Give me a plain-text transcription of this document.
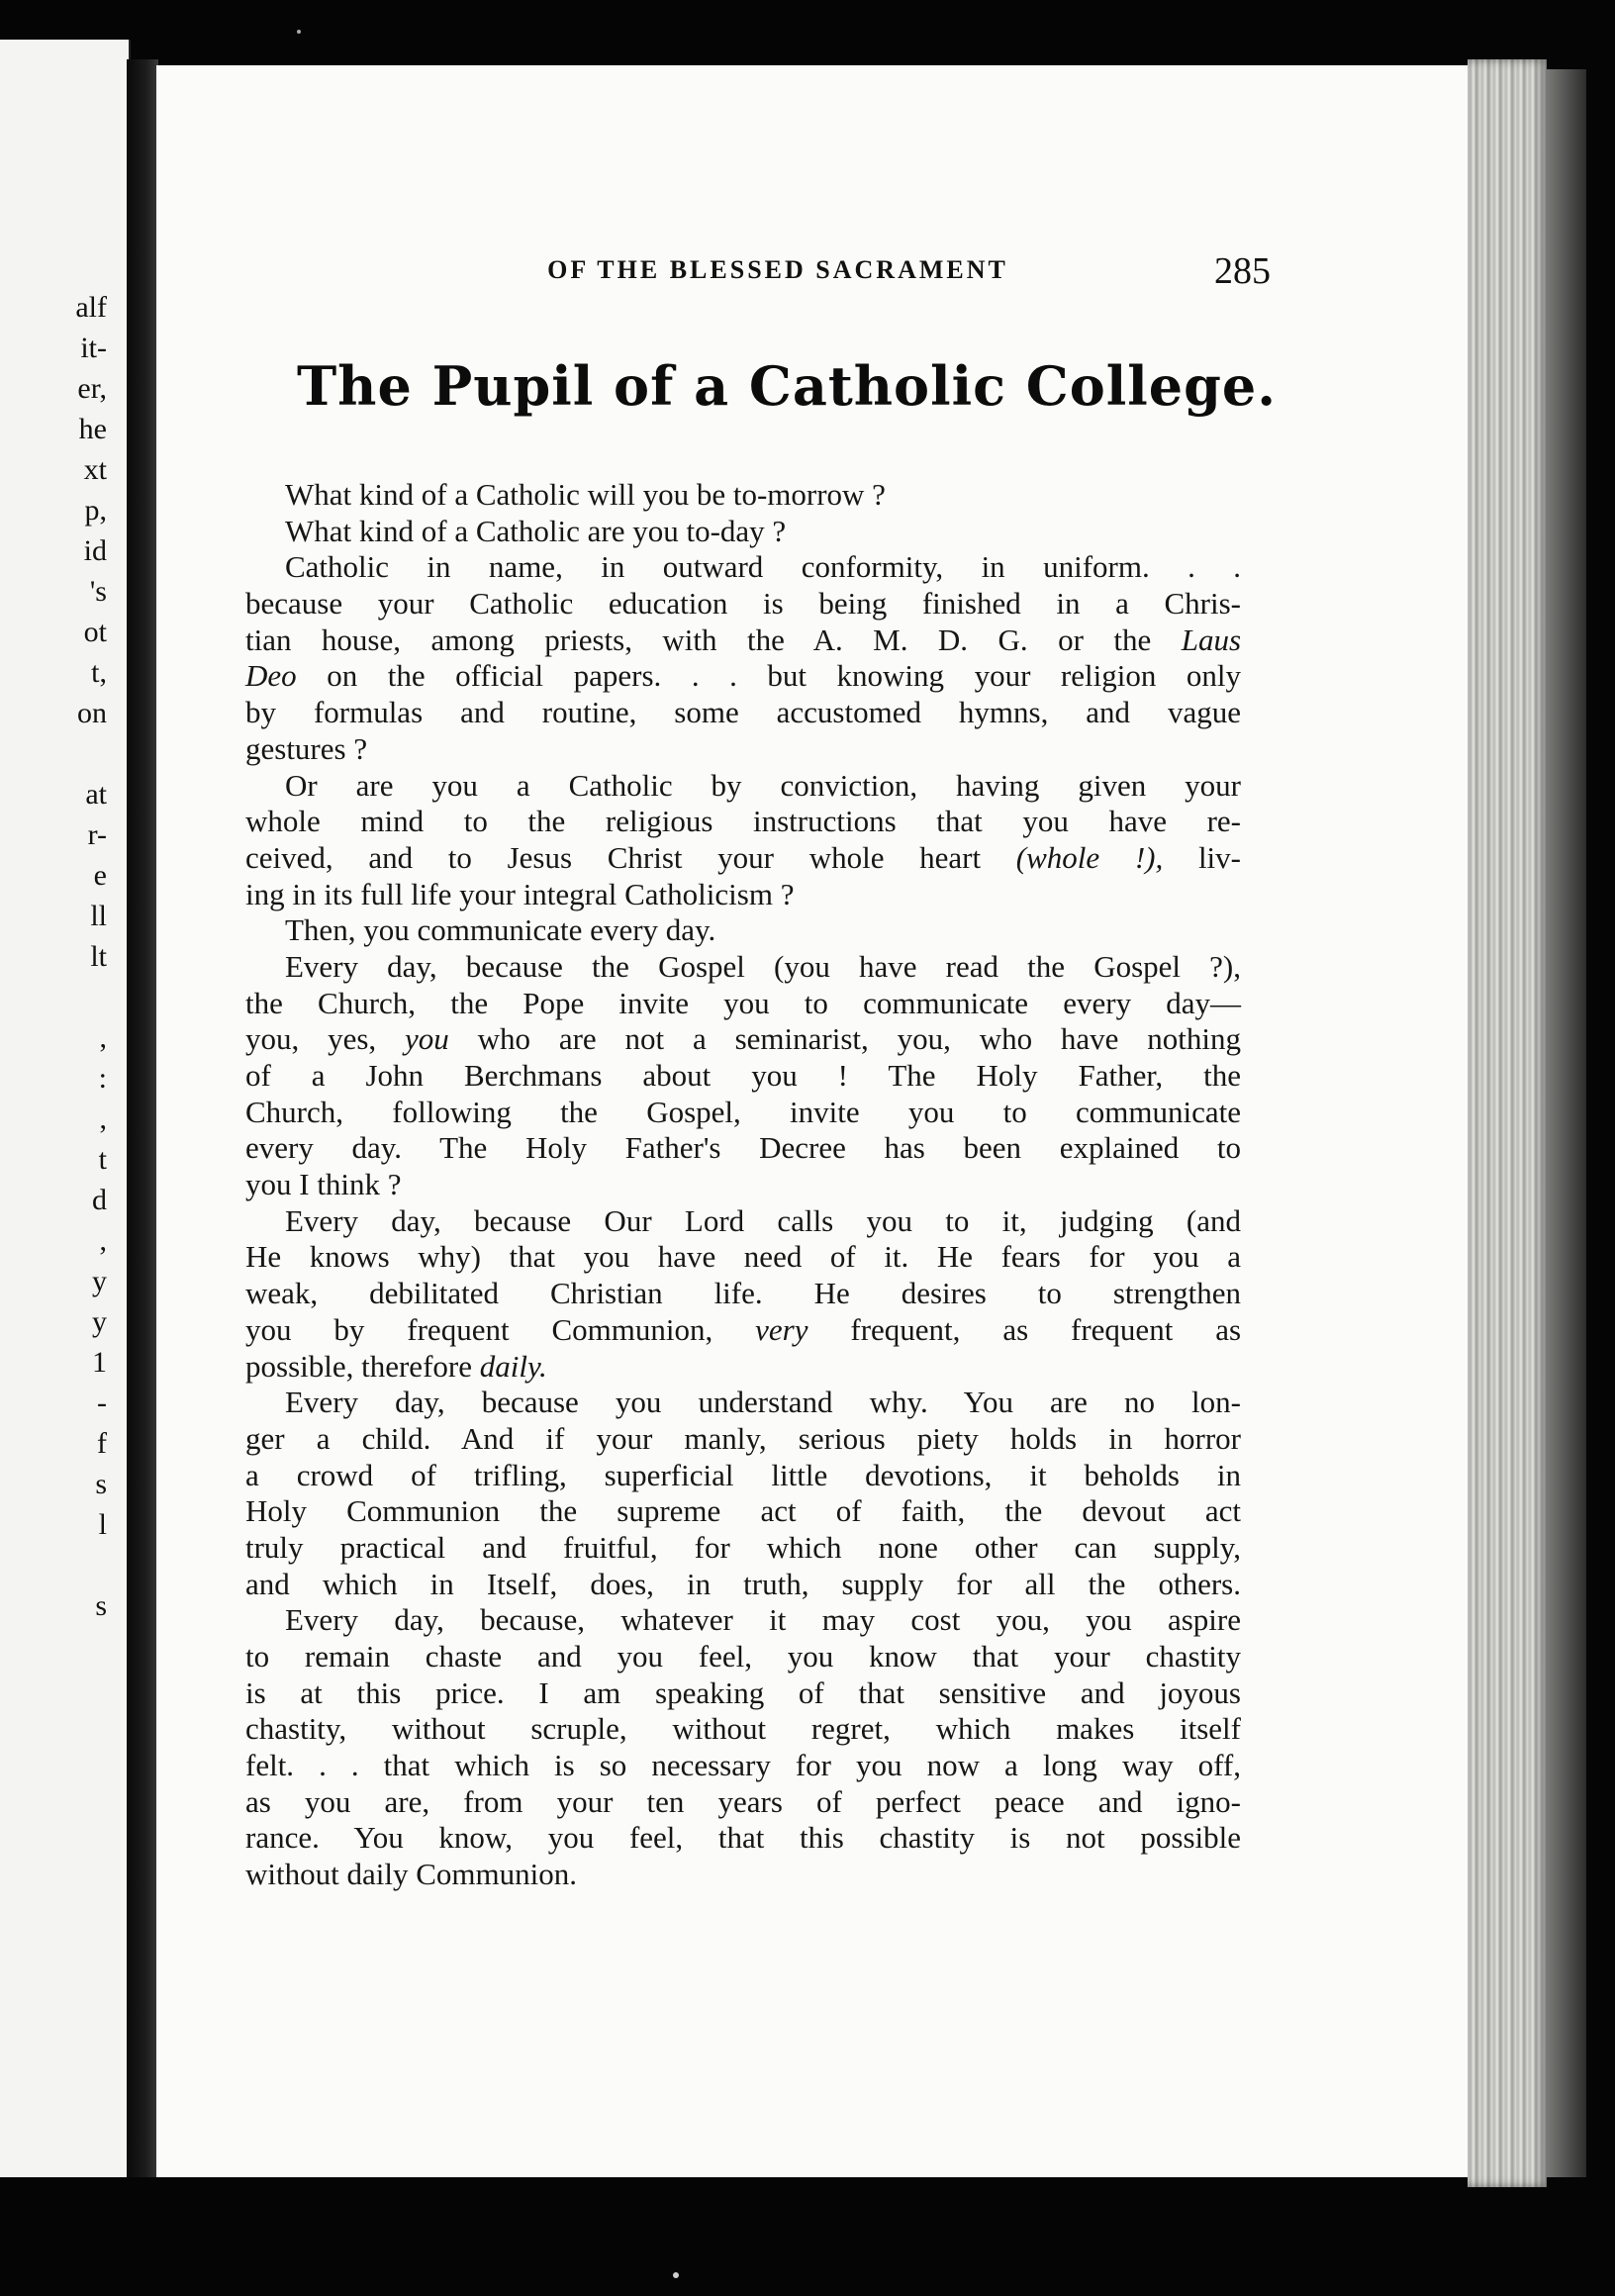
alf
it-
er,
he
xt
p,
id
's
ot
t,
on
at
r-
e
ll
lt
,
:
,
t
d
,
y
y
1
-
f
s
l
s
OF THE BLESSED SACRAMENT	285
The Pupil of a Catholic College.
What kind of a Catholic will you be to-morrow ?
What kind of a Catholic are you to-day ?
Catholic in name, in outward conformity, in uniform. . .
because your Catholic education is being finished in a Chris-
tian house, among priests, with the A. M. D. G. or the Laus
Deo on the official papers. . . but knowing your religion only
by formulas and routine, some accustomed hymns, and vague
gestures ?
Or are you a Catholic by conviction, having given your
whole mind to the religious instructions that you have re-
ceived, and to Jesus Christ your whole heart (whole !), liv-
ing in its full life your integral Catholicism ?
Then, you communicate every day.
Every day, because the Gospel (you have read the Gospel ?),
the Church, the Pope invite you to communicate every day—
you, yes, you who are not a seminarist, you, who have nothing
of a John Berchmans about you ! The Holy Father, the
Church, following the Gospel, invite you to communicate
every day. The Holy Father's Decree has been explained to
you I think ?
Every day, because Our Lord calls you to it, judging (and
He knows why) that you have need of it. He fears for you a
weak, debilitated Christian life. He desires to strengthen
you by frequent Communion, very frequent, as frequent as
possible, therefore daily.
Every day, because you understand why. You are no lon-
ger a child. And if your manly, serious piety holds in horror
a crowd of trifling, superficial little devotions, it beholds in
Holy Communion the supreme act of faith, the devout act
truly practical and fruitful, for which none other can supply,
and which in Itself, does, in truth, supply for all the others.
Every day, because, whatever it may cost you, you aspire
to remain chaste and you feel, you know that your chastity
is at this price. I am speaking of that sensitive and joyous
chastity, without scruple, without regret, which makes itself
felt. . . that which is so necessary for you now a long way off,
as you are, from your ten years of perfect peace and igno-
rance. You know, you feel, that this chastity is not possible
without daily Communion.
